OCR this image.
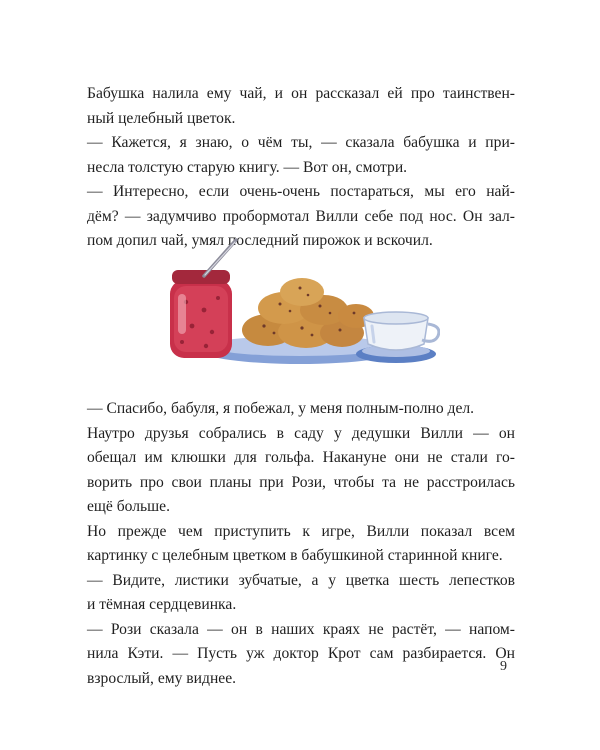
Бабушка налила ему чай, и он рассказал ей про таинствен-
ный целебный цветок.

— Кажется, я знаю, о чём ты, — сказала бабушка и при-
несла толстую старую книгу. — Вот он, смотри.

— Интересно, если очень-очень постараться, мы его най-
дём? — задумчиво пробормотал Вилли себе под нос. Он зал-
пом допил чай, умял последний пирожок и вскочил.

— Спасибо, бабуля, я побежал, у меня полным-полно дел.

Наутро друзья собрались в саду у дедушки Вилли — он
обещал им клюшки для гольфа. Накануне они не стали го-
ворить про свои планы при Рози, чтобы та не расстроилась
ещё больше.

Но прежде чем приступить к игре, Вилли показал всем
картинку с целебным цветком в бабушкиной старинной книге.

— Видите, листики зубчатые, а у цветка шесть лепестков
и тёмная сердцевинка.

— Рози сказала — он в наших краях не растёт, — напом-
нила Кэти. — Пусть уж доктор Крот сам разбирается. Он
взрослый, ему виднее.

9
